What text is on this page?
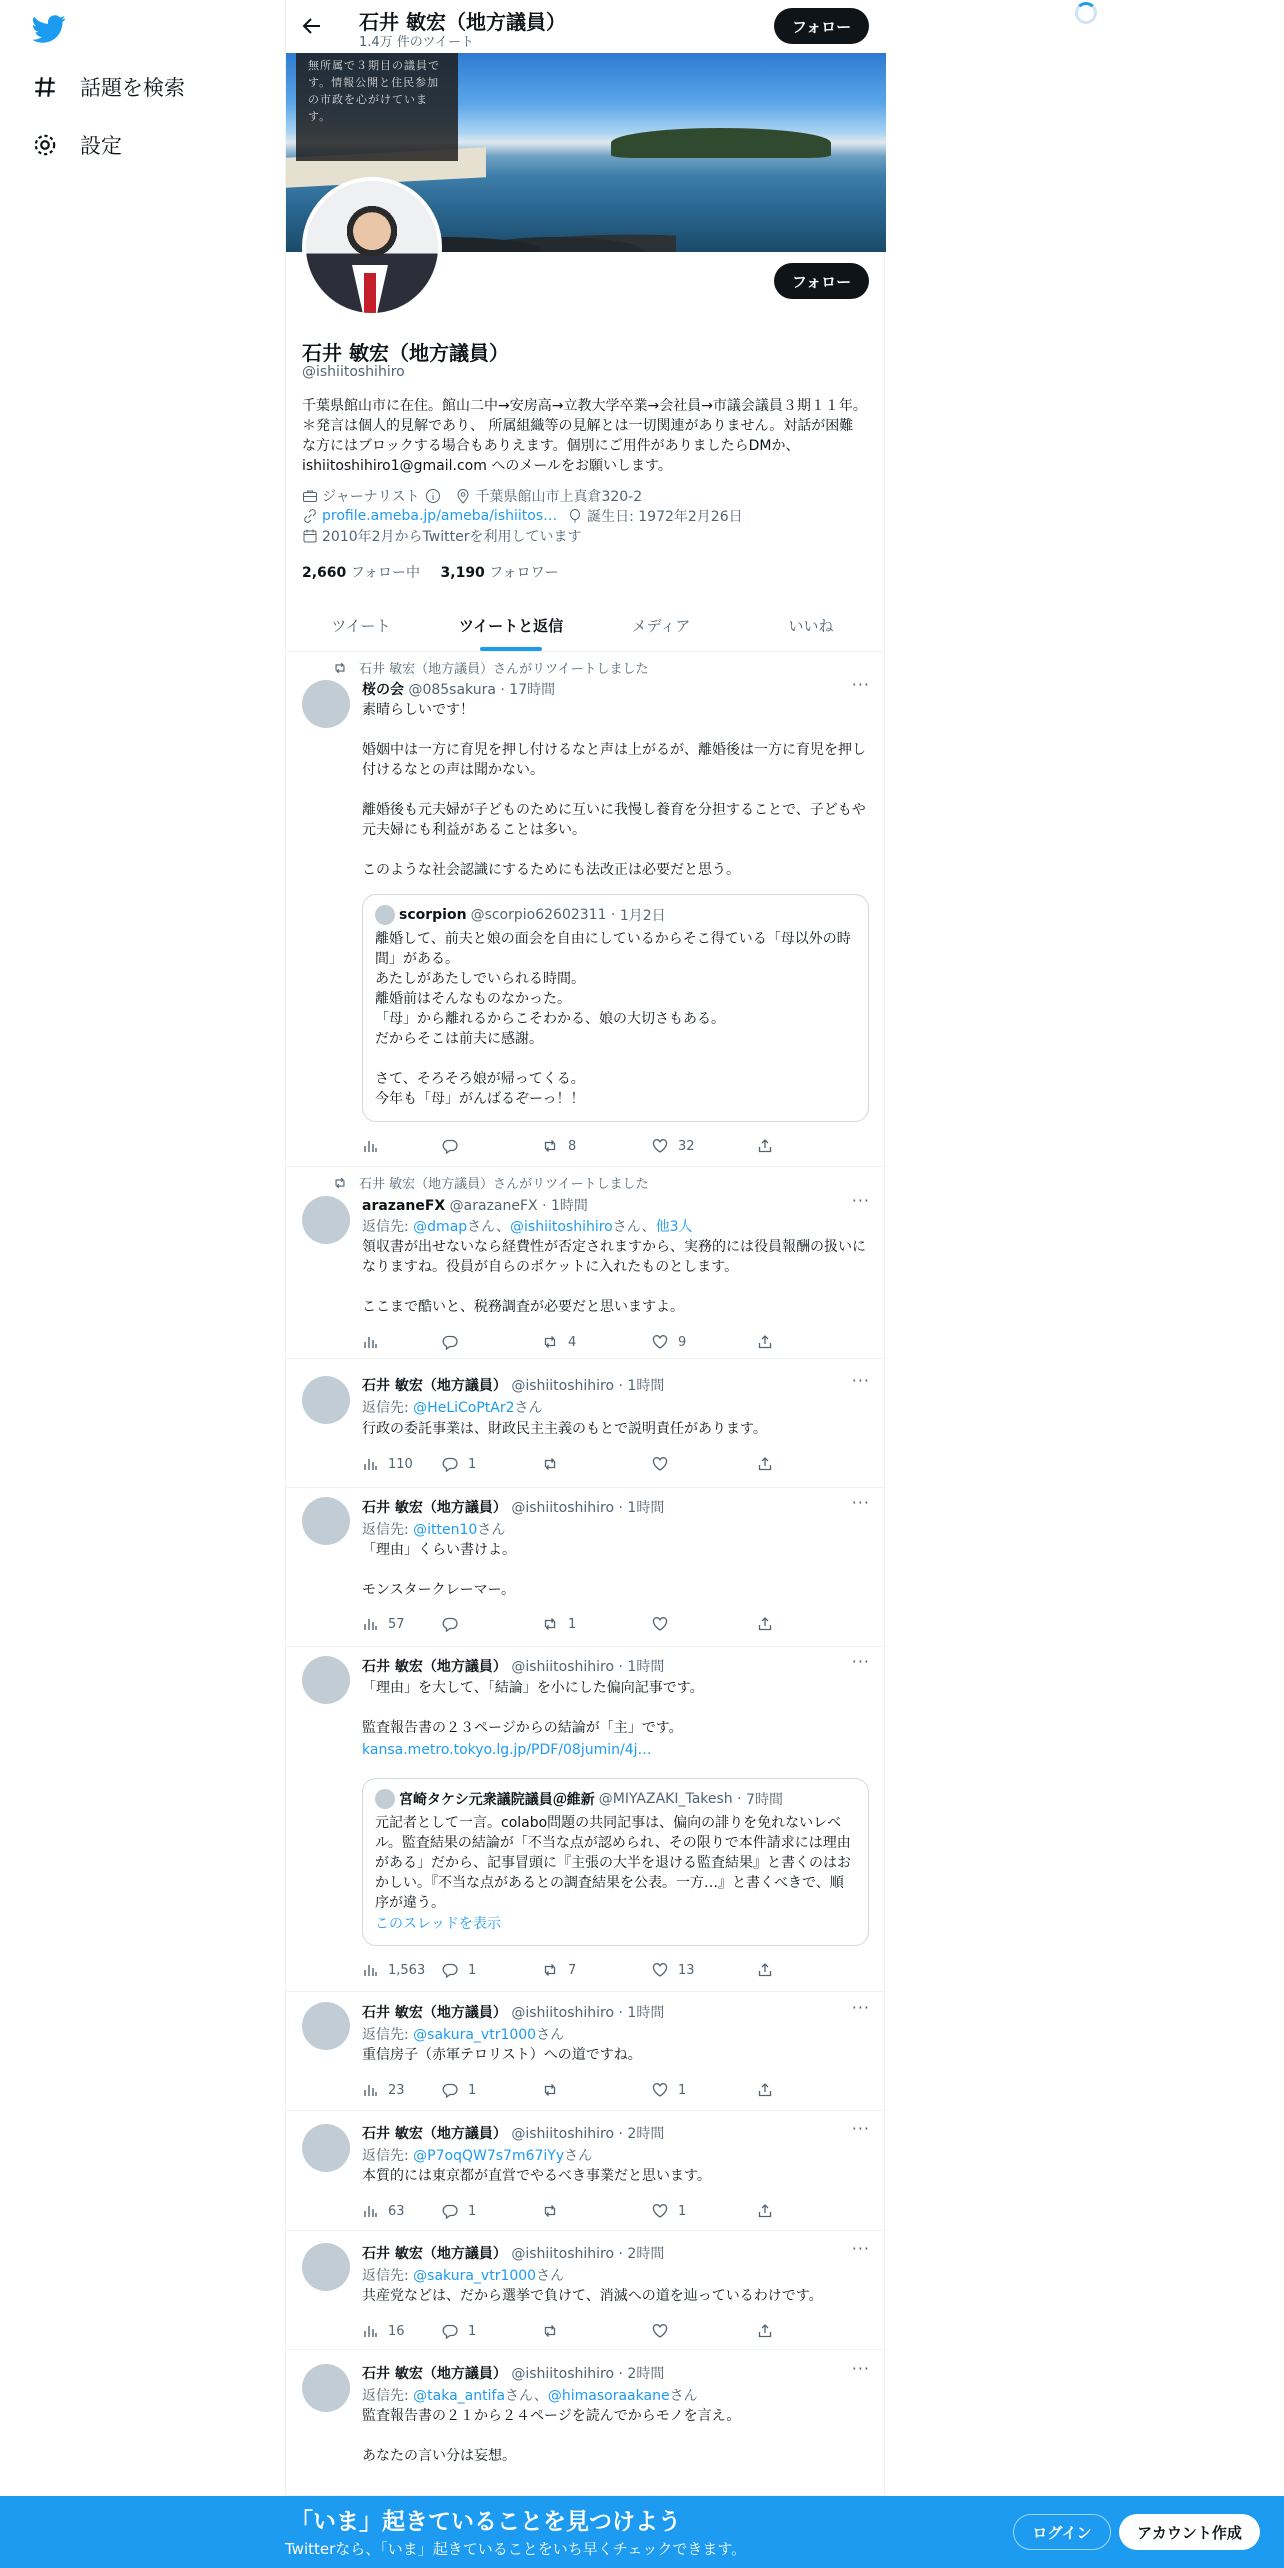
話題を検索
設定
石井 敏宏（地方議員）
1.4万 件のツイート
フォロー
無所属で３期目の議員です。情報公開と住民参加の市政を心がけています。
フォロー
石井 敏宏（地方議員）
@ishiitoshihiro
千葉県館山市に在住。館山二中→安房高→立教大学卒業→会社員→市議会議員３期１１年。 ＊発言は個人的見解であり、 所属組織等の見解とは一切関連がありません。対話が困難な方にはブロックする場合もありえます。個別にご用件がありましたらDMか、 ishiitoshihiro1@gmail.com へのメールをお願いします。
ジャーナリスト	千葉県館山市上真倉320-2
profile.ameba.jp/ameba/ishiitos… 誕生日: 1972年2月26日
2010年2月からTwitterを利用しています
2,660 フォロー中 3,190 フォロワー
ツイート	ツイートと返信	メディア	いいね
石井 敏宏（地方議員）さんがリツイートしました
桜の会 @085sakura · 17時間	···
素晴らしいです！

婚姻中は一方に育児を押し付けるなと声は上がるが、離婚後は一方に育児を押し付けるなとの声は聞かない。

離婚後も元夫婦が子どものために互いに我慢し養育を分担することで、子どもや元夫婦にも利益があることは多い。

このような社会認識にするためにも法改正は必要だと思う。
scorpion @scorpio62602311 · 1月2日
離婚して、前夫と娘の面会を自由にしているからそこ得ている「母以外の時間」がある。
あたしがあたしでいられる時間。
離婚前はそんなものなかった。
「母」から離れるからこそわかる、娘の大切さもある。
だからそこは前夫に感謝。

さて、そろそろ娘が帰ってくる。
今年も「母」がんばるぞーっ！！
8	32
石井 敏宏（地方議員）さんがリツイートしました
arazaneFX @arazaneFX · 1時間	···
返信先: @dmapさん、@ishiitoshihiroさん、他3人
領収書が出せないなら経費性が否定されますから、実務的には役員報酬の扱いになりますね。役員が自らのポケットに入れたものとします。

ここまで酷いと、税務調査が必要だと思いますよ。
4	9
石井 敏宏（地方議員） @ishiitoshihiro · 1時間	···
返信先: @HeLiCoPtAr2さん
行政の委託事業は、財政民主主義のもとで説明責任があります。
110	1
石井 敏宏（地方議員） @ishiitoshihiro · 1時間	···
返信先: @itten10さん
「理由」くらい書けよ。

モンスタークレーマー。
57	1
石井 敏宏（地方議員） @ishiitoshihiro · 1時間	···
「理由」を大して、「結論」を小にした偏向記事です。

監査報告書の２３ページからの結論が「主」です。
kansa.metro.tokyo.lg.jp/PDF/08jumin/4j…
宮崎タケシ元衆議院議員＠維新 @MIYAZAKI_Takesh · 7時間
元記者として一言。colabo問題の共同記事は、偏向の誹りを免れないレベル。監査結果の結論が「不当な点が認められ、その限りで本件請求には理由がある」だから、記事冒頭に『主張の大半を退ける監査結果』と書くのはおかしい。『不当な点があるとの調査結果を公表。一方…』と書くべきで、順序が違う。
このスレッドを表示
1,563	1	7	13
石井 敏宏（地方議員） @ishiitoshihiro · 1時間	···
返信先: @sakura_vtr1000さん
重信房子（赤軍テロリスト）への道ですね。
23	1	1
石井 敏宏（地方議員） @ishiitoshihiro · 2時間	···
返信先: @P7oqQW7s7m67iYyさん
本質的には東京都が直営でやるべき事業だと思います。
63	1	1
石井 敏宏（地方議員） @ishiitoshihiro · 2時間	···
返信先: @sakura_vtr1000さん
共産党などは、だから選挙で負けて、消滅への道を辿っているわけです。
16	1
石井 敏宏（地方議員） @ishiitoshihiro · 2時間	···
返信先: @taka_antifaさん、@himasoraakaneさん
監査報告書の２１から２４ページを読んでからモノを言え。

あなたの言い分は妄想。
「いま」起きていることを見つけよう
Twitterなら、「いま」起きていることをいち早くチェックできます。
ログイン	アカウント作成
